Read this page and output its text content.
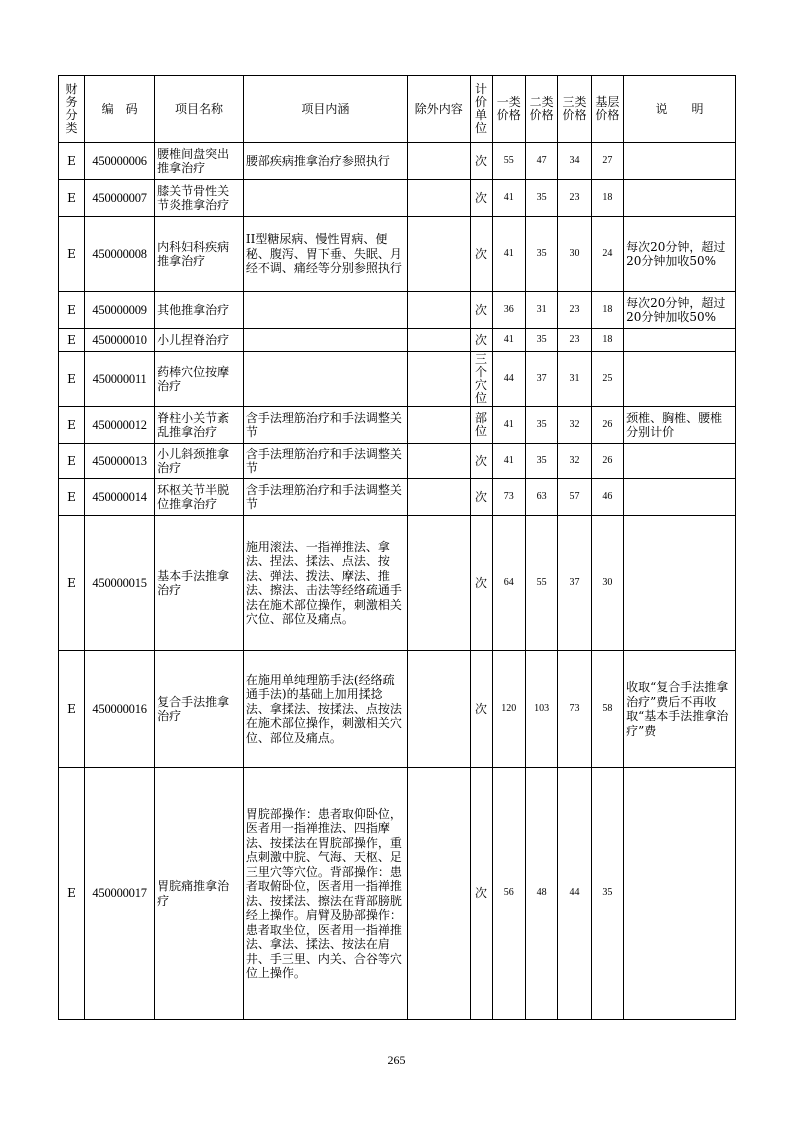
财务分类	编　码	项目名称	项目内涵	除外内容	计价单位	一类价格	二类价格	三类价格	基层价格	说　　明
E	450000006	腰椎间盘突出推拿治疗	腰部疾病推拿治疗参照执行		次	55	47	34	27	
E	450000007	膝关节骨性关节炎推拿治疗			次	41	35	23	18	
E	450000008	内科妇科疾病推拿治疗	II型糖尿病、慢性胃病、便秘、腹泻、胃下垂、失眠、月经不调、痛经等分别参照执行		次	41	35	30	24	每次20分钟，超过20分钟加收50%
E	450000009	其他推拿治疗			次	36	31	23	18	每次20分钟，超过20分钟加收50%
E	450000010	小儿捏脊治疗			次	41	35	23	18	
E	450000011	药棒穴位按摩治疗			三个穴位	44	37	31	25	
E	450000012	脊柱小关节紊乱推拿治疗	含手法理筋治疗和手法调整关节		部位	41	35	32	26	颈椎、胸椎、腰椎分别计价
E	450000013	小儿斜颈推拿治疗	含手法理筋治疗和手法调整关节		次	41	35	32	26	
E	450000014	环枢关节半脱位推拿治疗	含手法理筋治疗和手法调整关节		次	73	63	57	46	
E	450000015	基本手法推拿治疗	施用滚法、一指禅推法、拿法、捏法、揉法、点法、按法、弹法、拨法、摩法、推法、擦法、击法等经络疏通手法在施术部位操作，刺激相关穴位、部位及痛点。		次	64	55	37	30	
E	450000016	复合手法推拿治疗	在施用单纯理筋手法(经络疏通手法)的基础上加用揉捻法、拿揉法、按揉法、点按法在施术部位操作，刺激相关穴位、部位及痛点。		次	120	103	73	58	收取“复合手法推拿治疗”费后不再收取“基本手法推拿治疗”费
E	450000017	胃脘痛推拿治疗	胃脘部操作：患者取仰卧位，医者用一指禅推法、四指摩法、按揉法在胃脘部操作，重点刺激中脘、气海、天枢、足三里穴等穴位。背部操作：患者取俯卧位，医者用一指禅推法、按揉法、擦法在背部膀胱经上操作。肩臂及胁部操作：患者取坐位，医者用一指禅推法、拿法、揉法、按法在肩井、手三里、内关、合谷等穴位上操作。		次	56	48	44	35	
265
